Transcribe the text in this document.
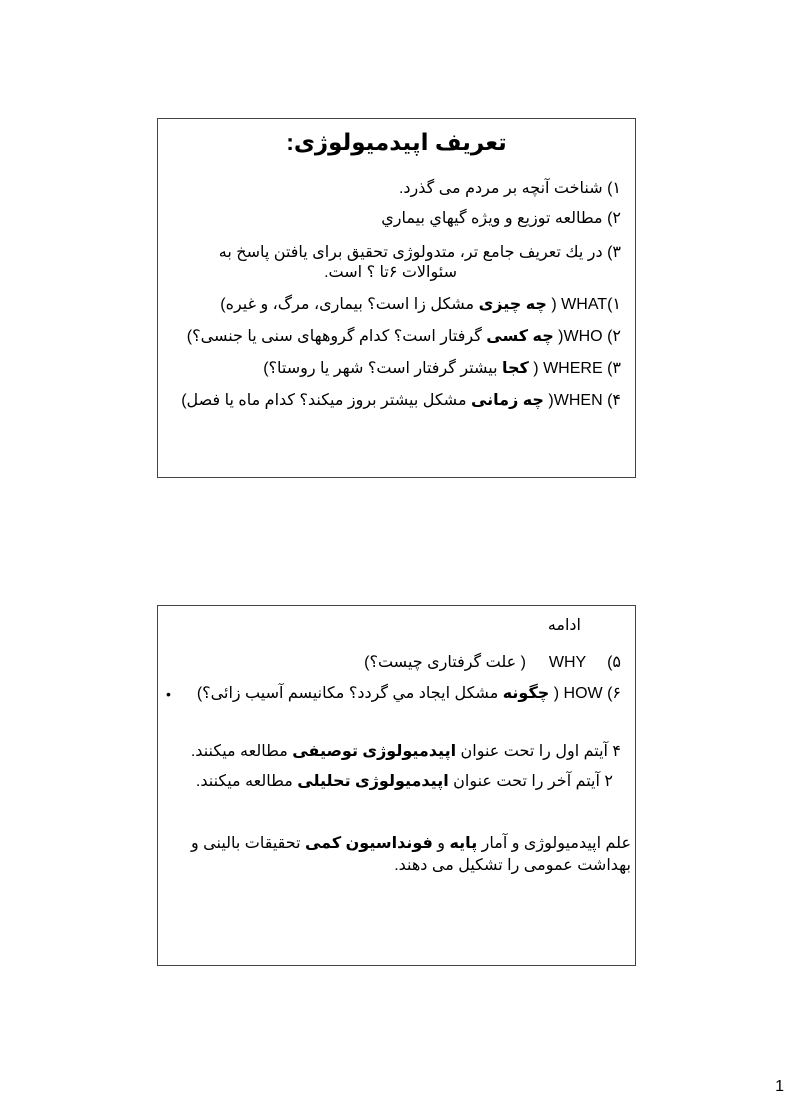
تعریف اپیدمیولوژی:
۱) شناخت آنچه بر مردم می گذرد.
۲) مطالعه توزیع و ویژه گیهاي بیماري
۳) در یك تعریف جامع تر، متدولوژی تحقیق برای یافتن پاسخ به
سئوالات ۶تا ؟ است.
WHAT(۱ ( چه چیزی مشکل زا است؟ بیماری، مرگ، و غیره)
۲) WHO( چه کسی گرفتار است؟ کدام گروههای سنی یا جنسی؟)
۳) WHERE ( کجا بیشتر گرفتار است؟ شهر یا روستا؟)
۴) WHEN( چه زمانی مشکل بیشتر بروز میکند؟ کدام ماه یا فصل)
ادامه
۵)  WHY  ( علت گرفتاری چیست؟)
۶) HOW ( چگونه مشکل ایجاد مي گردد؟ مکانیسم آسیب زائی؟)
•
۴ آیتم اول را تحت عنوان اپیدمیولوژی توصیفی مطالعه میکنند.
۲ آیتم آخر را تحت عنوان اپیدمیولوژی تحلیلی مطالعه میکنند.
علم اپیدمیولوژی و آمار پایه و فونداسیون کمی تحقیقات بالینی و
بهداشت عمومی را تشکیل می دهند.
1
